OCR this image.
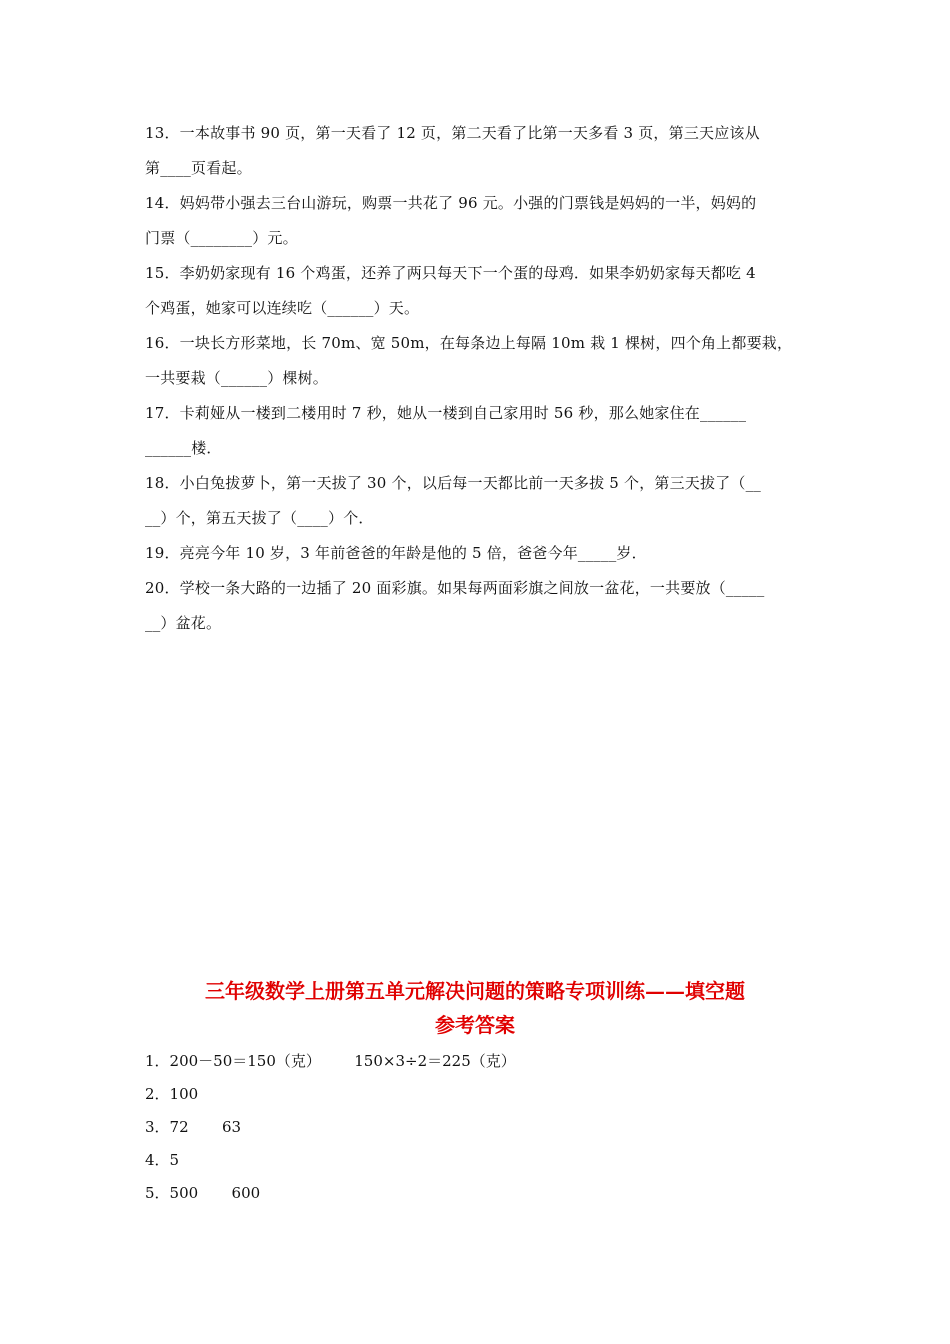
13．一本故事书 90 页，第一天看了 12 页，第二天看了比第一天多看 3 页，第三天应该从
第____页看起。
14．妈妈带小强去三台山游玩，购票一共花了 96 元。小强的门票钱是妈妈的一半，妈妈的
门票（________）元。
15．李奶奶家现有 16 个鸡蛋，还养了两只每天下一个蛋的母鸡．如果李奶奶家每天都吃 4
个鸡蛋，她家可以连续吃（______）天。
16．一块长方形菜地，长 70m、宽 50m，在每条边上每隔 10m 栽 1 棵树，四个角上都要栽，
一共要栽（______）棵树。
17．卡莉娅从一楼到二楼用时 7 秒，她从一楼到自己家用时 56 秒，那么她家住在______
______楼．
18．小白兔拔萝卜，第一天拔了 30 个，以后每一天都比前一天多拔 5 个，第三天拔了（__
__）个，第五天拔了（____）个．
19．亮亮今年 10 岁，3 年前爸爸的年龄是他的 5 倍，爸爸今年_____岁．
20．学校一条大路的一边插了 20 面彩旗。如果每两面彩旗之间放一盆花，一共要放（_____
__）盆花。
三年级数学上册第五单元解决问题的策略专项训练——填空题
参考答案
1．200－50＝150（克）       150×3÷2＝225（克）
2．100
3．72       63
4．5
5．500       600
